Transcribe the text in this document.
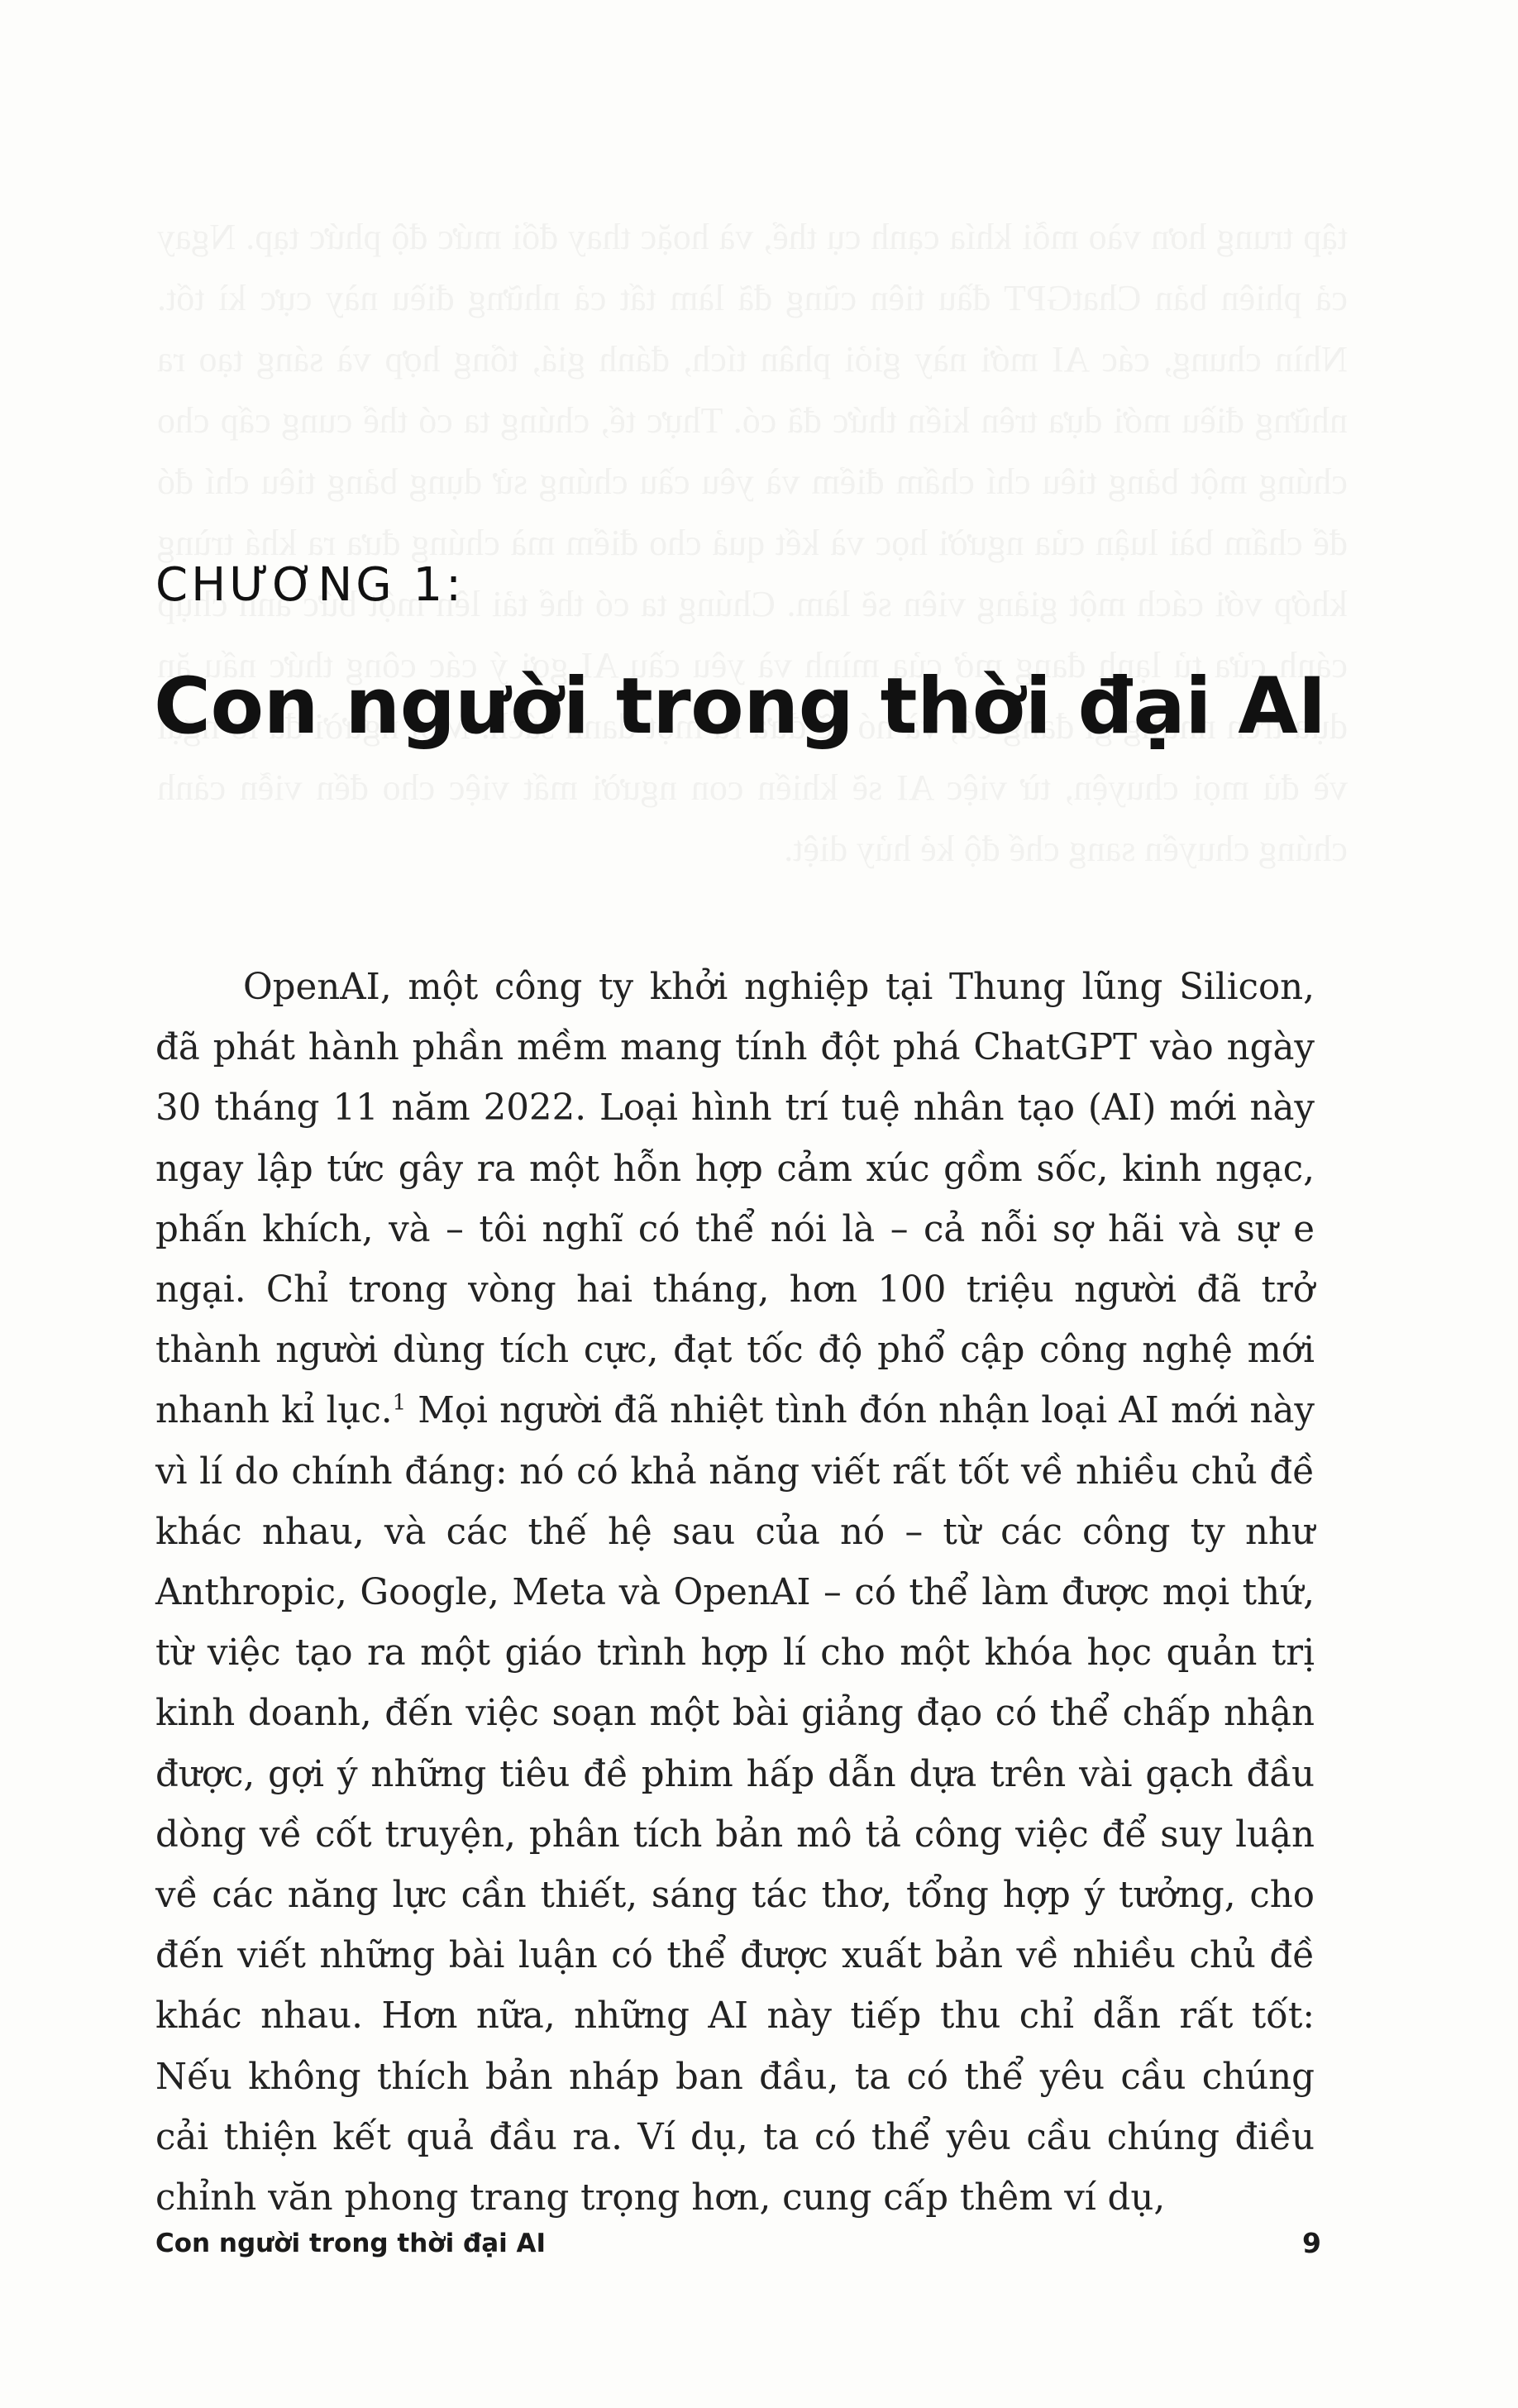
CHƯƠNG 1:
Con người trong thời đại AI

OpenAI, một công ty khởi nghiệp tại Thung lũng Silicon, đã phát hành phần mềm mang tính đột phá ChatGPT vào ngày 30 tháng 11 năm 2022. Loại hình trí tuệ nhân tạo (AI) mới này ngay lập tức gây ra một hỗn hợp cảm xúc gồm sốc, kinh ngạc, phấn khích, và – tôi nghĩ có thể nói là – cả nỗi sợ hãi và sự e ngại. Chỉ trong vòng hai tháng, hơn 100 triệu người đã trở thành người dùng tích cực, đạt tốc độ phổ cập công nghệ mới nhanh kỉ lục.$^1$ Mọi người đã nhiệt tình đón nhận loại AI mới này vì lí do chính đáng: nó có khả năng viết rất tốt về nhiều chủ đề khác nhau, và các thế hệ sau của nó – từ các công ty như Anthropic, Google, Meta và OpenAI – có thể làm được mọi thứ, từ việc tạo ra một giáo trình hợp lí cho một khóa học quản trị kinh doanh, đến việc soạn một bài giảng đạo có thể chấp nhận được, gợi ý những tiêu đề phim hấp dẫn dựa trên vài gạch đầu dòng về cốt truyện, phân tích bản mô tả công việc để suy luận về các năng lực cần thiết, sáng tác thơ, tổng hợp ý tưởng, cho đến viết những bài luận có thể được xuất bản về nhiều chủ đề khác nhau. Hơn nữa, những AI này tiếp thu chỉ dẫn rất tốt: Nếu không thích bản nháp ban đầu, ta có thể yêu cầu chúng cải thiện kết quả đầu ra. Ví dụ, ta có thể yêu cầu chúng điều chỉnh văn phong trang trọng hơn, cung cấp thêm ví dụ,

Con người trong thời đại AI	9
